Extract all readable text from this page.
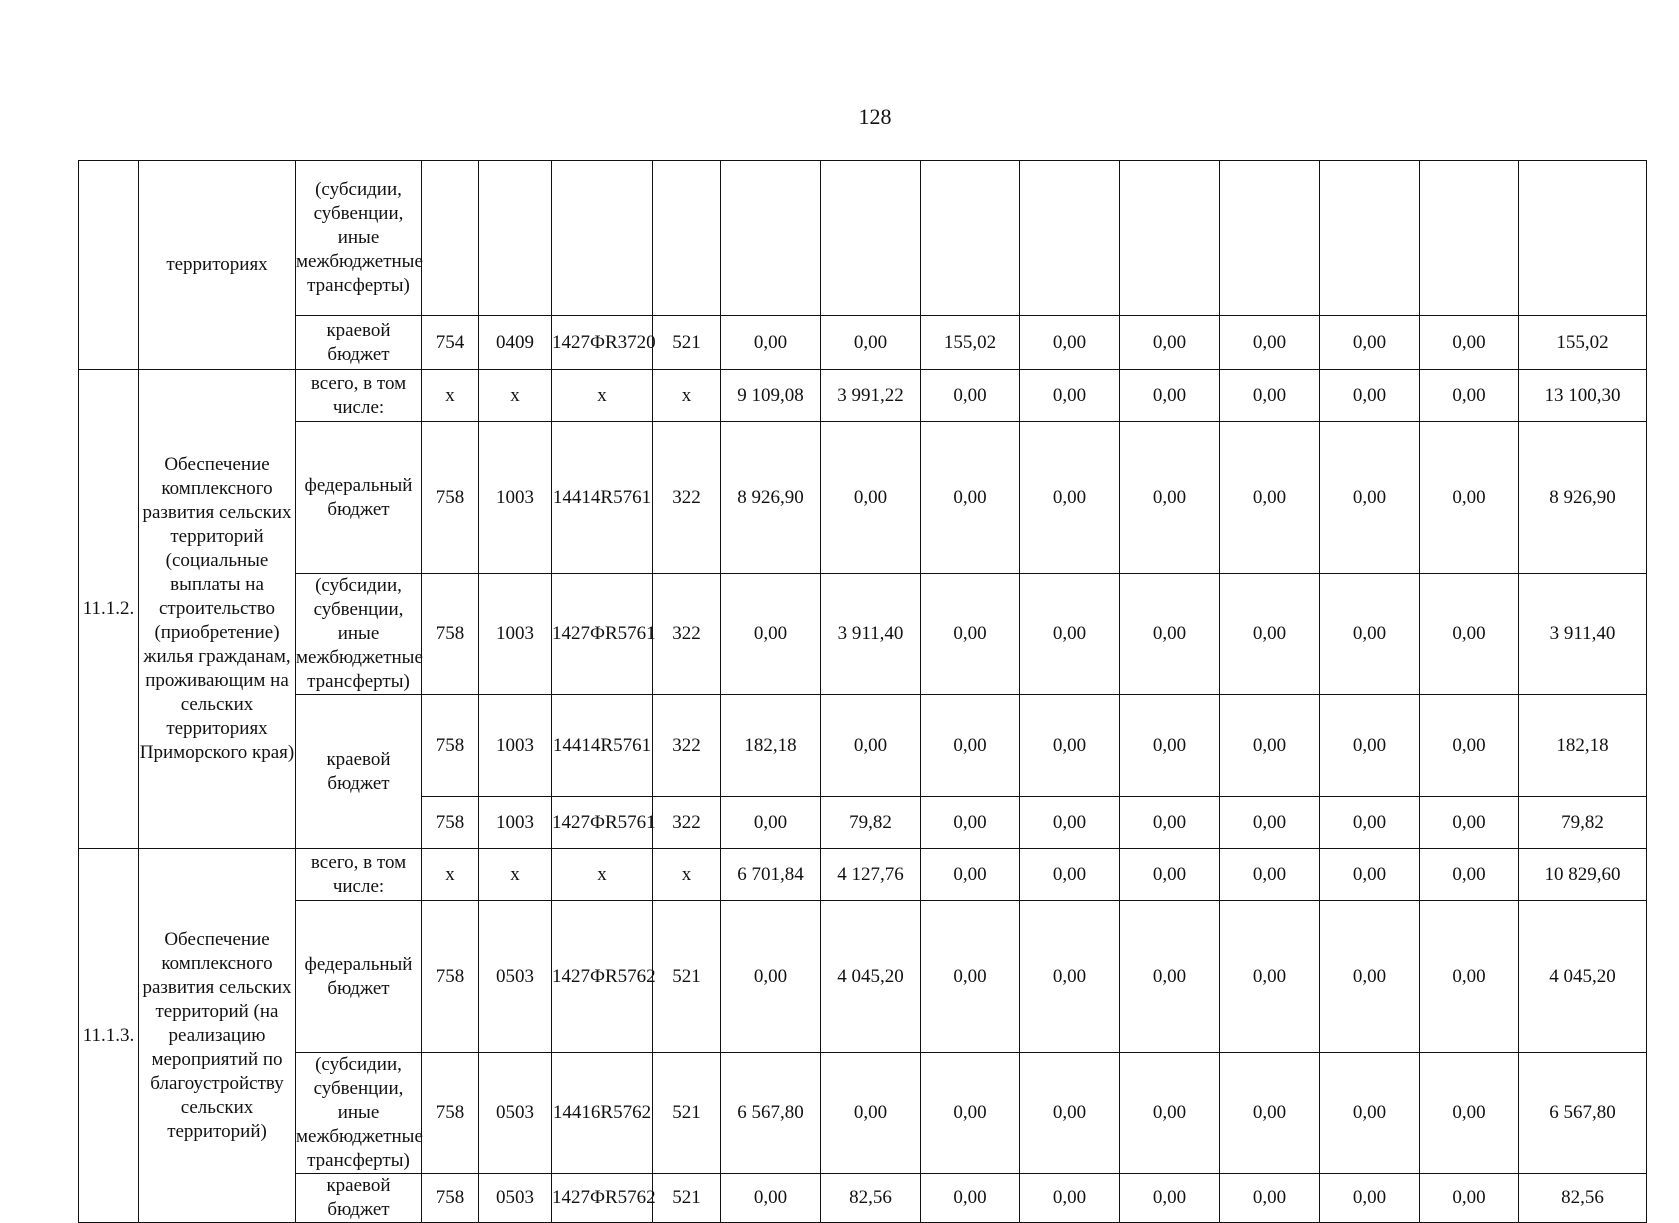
128
	территориях	(субсидии, субвенции, иные межбюджетные трансферты)													
		краевой бюджет	754	0409	1427ФR3720	521	0,00	0,00	155,02	0,00	0,00	0,00	0,00	0,00	155,02
11.1.2.	Обеспечение комплексного развития сельских территорий (социальные выплаты на строительство (приобретение) жилья гражданам, проживающим на сельских территориях Приморского края)	всего, в том числе:	x	x	x	x	9 109,08	3 991,22	0,00	0,00	0,00	0,00	0,00	0,00	13 100,30
		федеральный бюджет	758	1003	14414R5761	322	8 926,90	0,00	0,00	0,00	0,00	0,00	0,00	0,00	8 926,90
		(субсидии, субвенции, иные межбюджетные трансферты)	758	1003	1427ФR5761	322	0,00	3 911,40	0,00	0,00	0,00	0,00	0,00	0,00	3 911,40
		краевой бюджет	758	1003	14414R5761	322	182,18	0,00	0,00	0,00	0,00	0,00	0,00	0,00	182,18
			758	1003	1427ФR5761	322	0,00	79,82	0,00	0,00	0,00	0,00	0,00	0,00	79,82
11.1.3.	Обеспечение комплексного развития сельских территорий (на реализацию мероприятий по благоустройству сельских территорий)	всего, в том числе:	x	x	x	x	6 701,84	4 127,76	0,00	0,00	0,00	0,00	0,00	0,00	10 829,60
		федеральный бюджет	758	0503	1427ФR5762	521	0,00	4 045,20	0,00	0,00	0,00	0,00	0,00	0,00	4 045,20
		(субсидии, субвенции, иные межбюджетные трансферты)	758	0503	14416R5762	521	6 567,80	0,00	0,00	0,00	0,00	0,00	0,00	0,00	6 567,80
		краевой бюджет	758	0503	1427ФR5762	521	0,00	82,56	0,00	0,00	0,00	0,00	0,00	0,00	82,56
